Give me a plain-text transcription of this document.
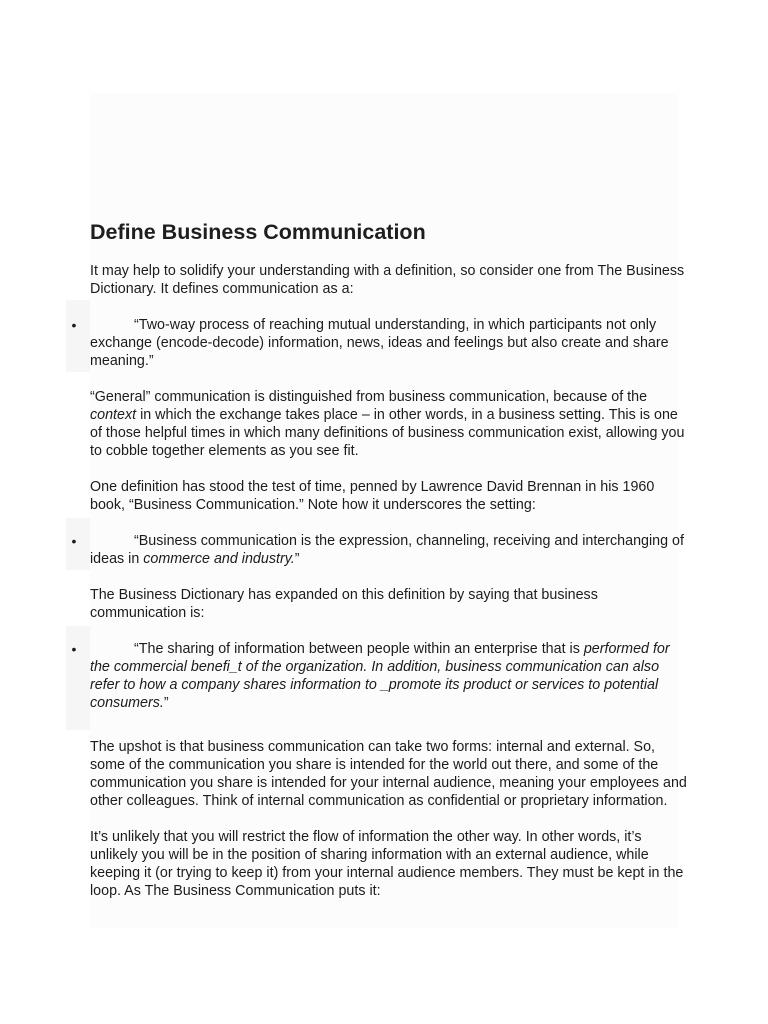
Define Business Communication

It may help to solidify your understanding with a definition, so consider one from The Business Dictionary. It defines communication as a:

•	“Two-way process of reaching mutual understanding, in which participants not only exchange (encode-decode) information, news, ideas and feelings but also create and share meaning.”

“General” communication is distinguished from business communication, because of the context in which the exchange takes place – in other words, in a business setting. This is one of those helpful times in which many definitions of business communication exist, allowing you to cobble together elements as you see fit.

One definition has stood the test of time, penned by Lawrence David Brennan in his 1960 book, “Business Communication.” Note how it underscores the setting:

•	“Business communication is the expression, channeling, receiving and interchanging of ideas in commerce and industry.”

The Business Dictionary has expanded on this definition by saying that business communication is:

•	“The sharing of information between people within an enterprise that is performed for the commercial benefi_t of the organization. In addition, business communication can also refer to how a company shares information to _promote its product or services to potential consumers.”

The upshot is that business communication can take two forms: internal and external. So, some of the communication you share is intended for the world out there, and some of the communication you share is intended for your internal audience, meaning your employees and other colleagues. Think of internal communication as confidential or proprietary information.

It’s unlikely that you will restrict the flow of information the other way. In other words, it’s unlikely you will be in the position of sharing information with an external audience, while keeping it (or trying to keep it) from your internal audience members. They must be kept in the loop. As The Business Communication puts it:
